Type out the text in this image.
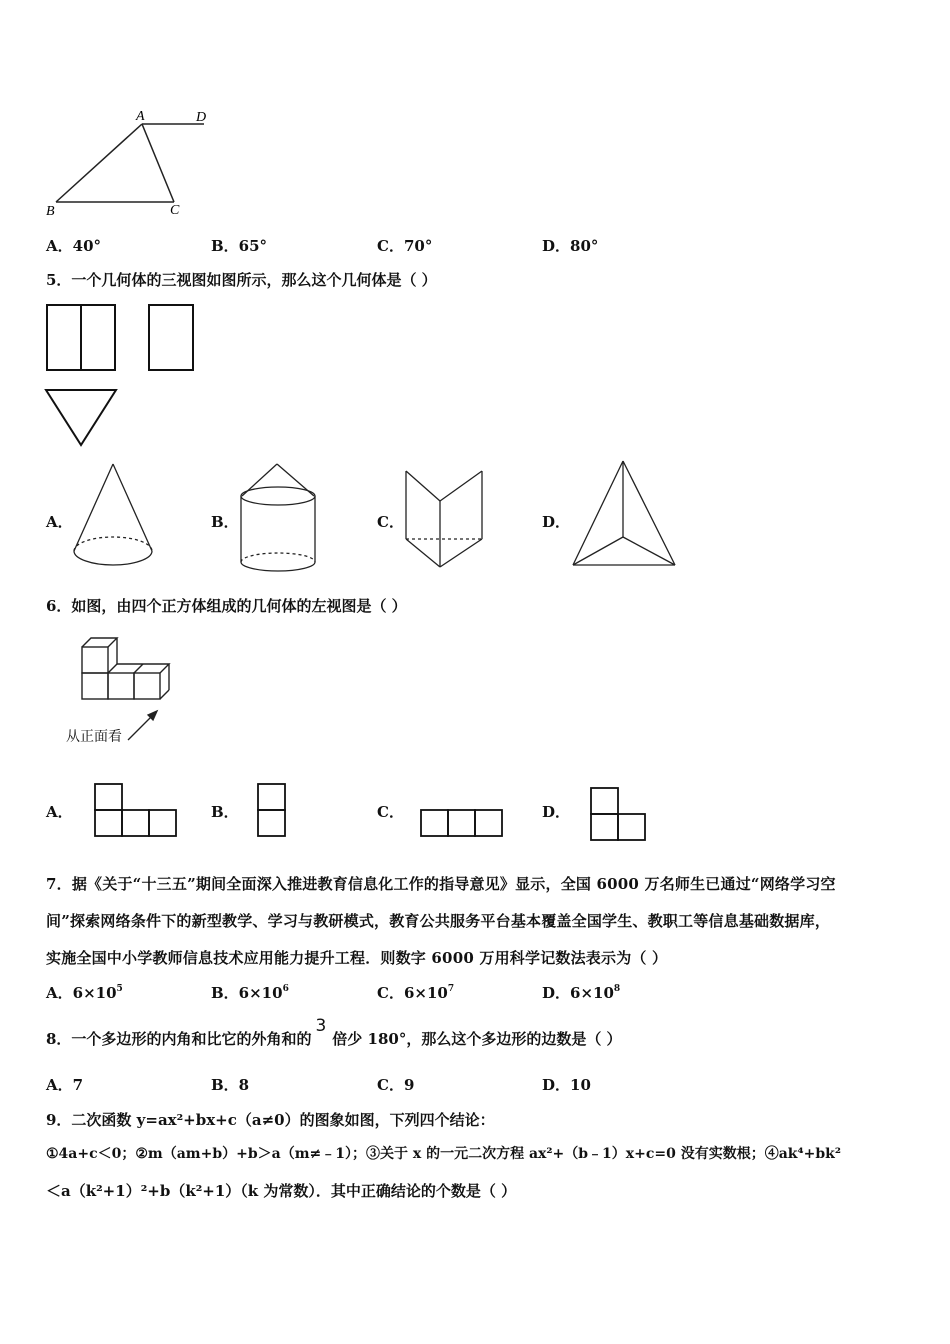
A	D
B	C
A．40°	B．65°	C．70°	D．80°
5．一个几何体的三视图如图所示，那么这个几何体是（ ）
A．	B．	C．	D．
6．如图，由四个正方体组成的几何体的左视图是（ ）
从正面看
A．	B．	C．	D．
7．据《关于“十三五”期间全面深入推进教育信息化工作的指导意见》显示，全国 6000 万名师生已通过“网络学习空
间”探索网络条件下的新型教学、学习与教研模式，教育公共服务平台基本覆盖全国学生、教职工等信息基础数据库，
实施全国中小学教师信息技术应用能力提升工程．则数字 6000 万用科学记数法表示为（ ）
A．$6\times 10^5$	B．$6\times 10^6$	C．$6\times 10^7$	D．$6\times 10^8$
8．一个多边形的内角和比它的外角和的3倍少 180°，那么这个多边形的边数是（ ）
A．7	B．8	C．9	D．10
9．二次函数 y=ax²+bx+c（a≠0）的图象如图，下列四个结论：
①4a+c＜0；②m（am+b）+b＞a（m≠﹣1）；③关于 x 的一元二次方程 ax²+（b﹣1）x+c=0 没有实数根；④ak⁴+bk²
＜a（k²+1）²+b（k²+1）（k 为常数）．其中正确结论的个数是（ ）
